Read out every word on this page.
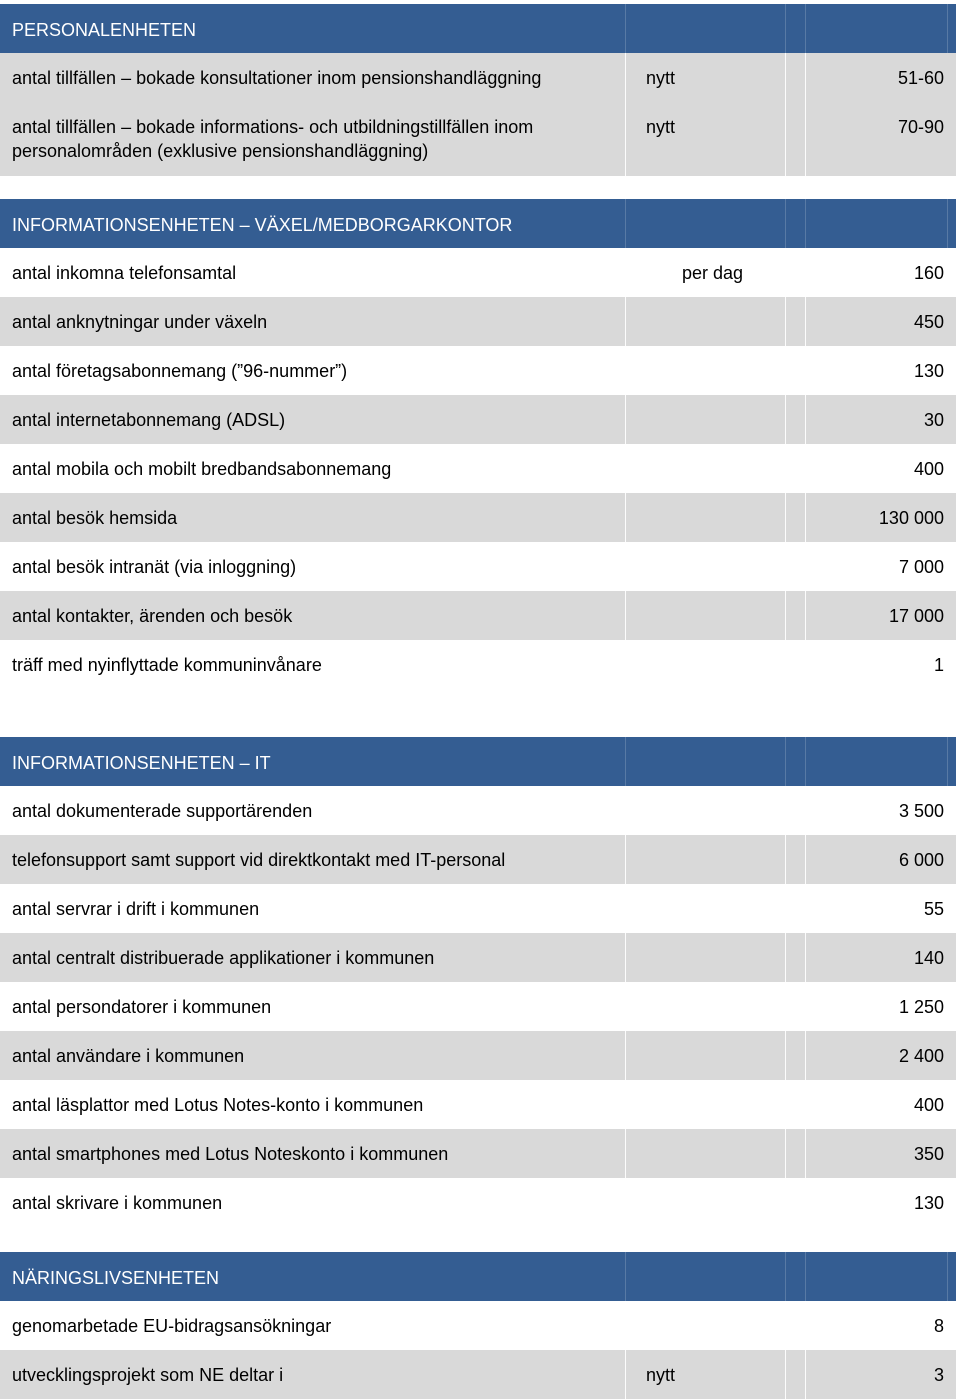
PERSONALENHETEN
antal tillfällen – bokade konsultationer inom pensionshandläggning	nytt	51-60
antal tillfällen – bokade informations- och utbildningstillfällen inom
personalområden (exklusive pensionshandläggning)
nytt	70-90
INFORMATIONSENHETEN – VÄXEL/MEDBORGARKONTOR
antal inkomna telefonsamtal	per dag	160
antal anknytningar under växeln	450
antal företagsabonnemang (”96-nummer”)	130
antal internetabonnemang (ADSL)	30
antal mobila och mobilt bredbandsabonnemang	400
antal besök hemsida	130 000
antal besök intranät (via inloggning)	7 000
antal kontakter, ärenden och besök	17 000
träff med nyinflyttade kommuninvånare	1
INFORMATIONSENHETEN – IT
antal dokumenterade supportärenden	3 500
telefonsupport samt support vid direktkontakt med IT-personal	6 000
antal servrar i drift i kommunen	55
antal centralt distribuerade applikationer i kommunen	140
antal persondatorer i kommunen	1 250
antal användare i kommunen	2 400
antal läsplattor med Lotus Notes-konto i kommunen	400
antal smartphones med Lotus Noteskonto i kommunen	350
antal skrivare i kommunen	130
NÄRINGSLIVSENHETEN
genomarbetade EU-bidragsansökningar	8
utvecklingsprojekt som NE deltar i	nytt	3
